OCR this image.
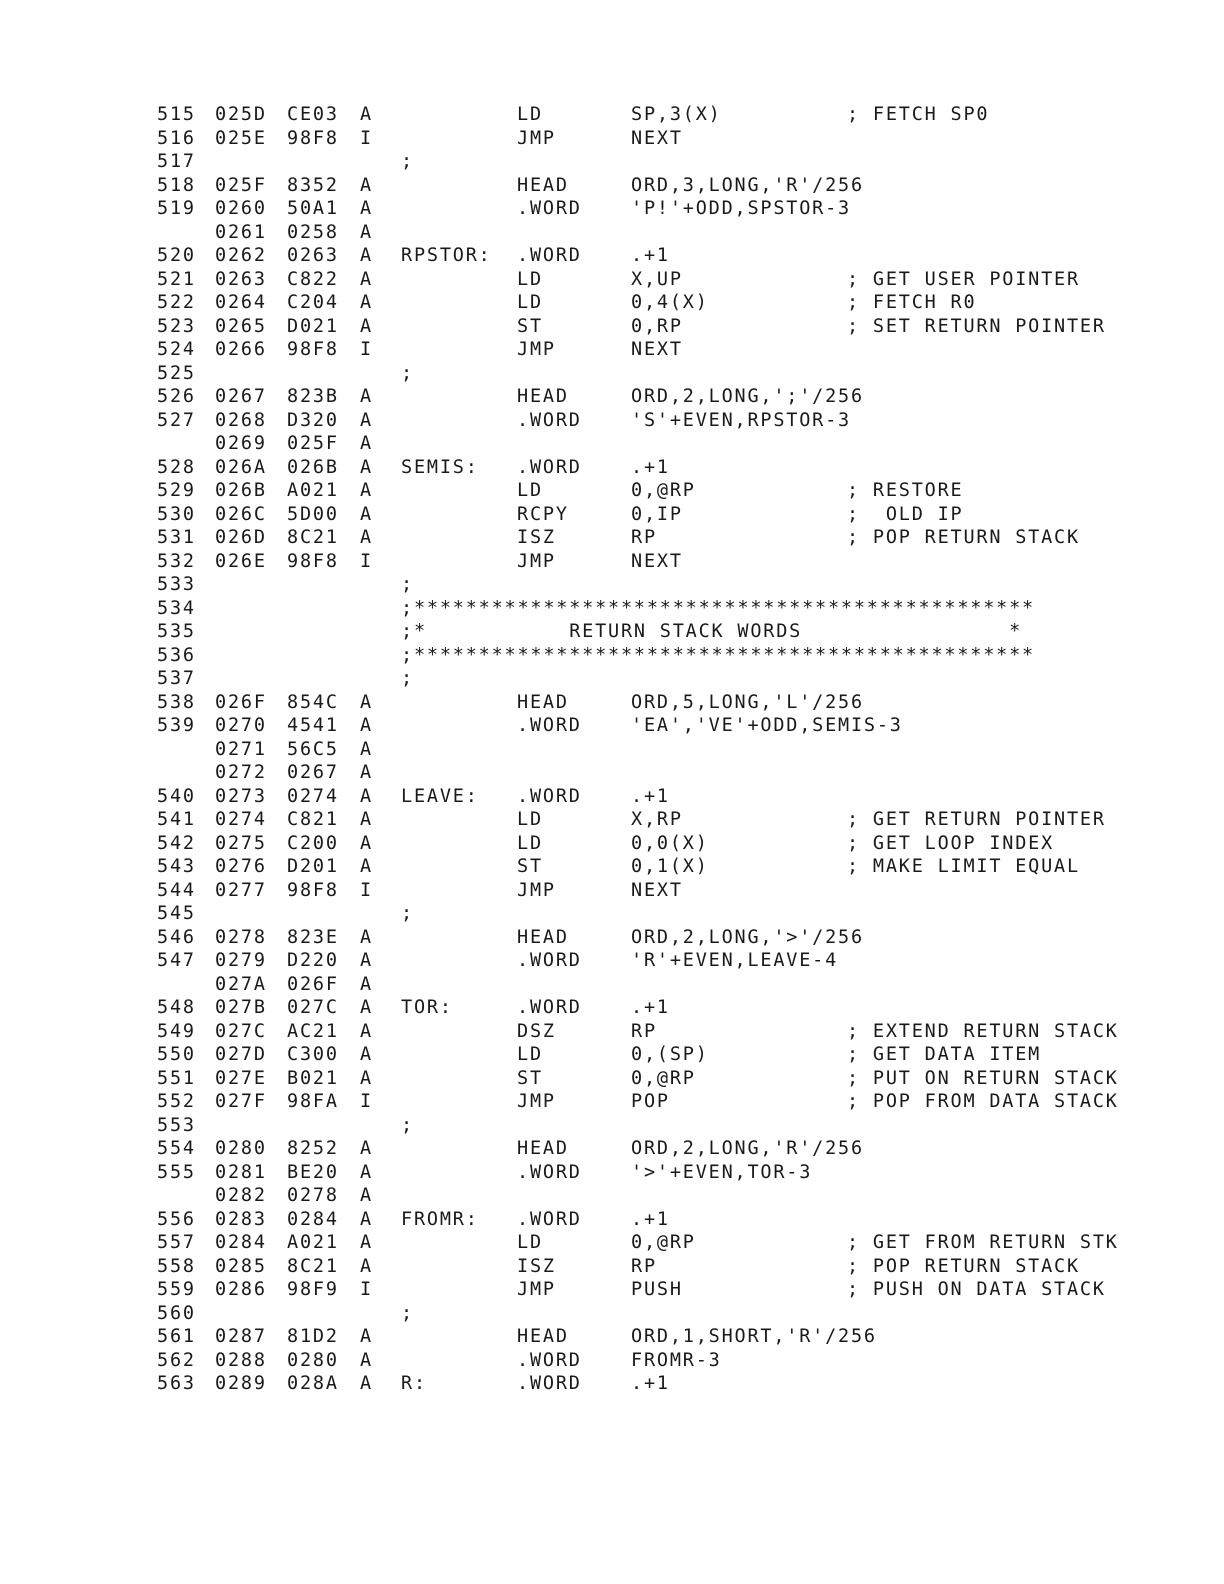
515 025D CE03 A	LD	SP,3(X)	; FETCH SP0
516 025E 98F8 I	JMP	NEXT
517	;
518 025F 8352 A	HEAD	ORD,3,LONG,'R'/256
519 0260 50A1 A	.WORD	'P!'+ODD,SPSTOR-3
0261 0258 A
520 0262 0263 A RPSTOR: .WORD	.+1
521 0263 C822 A	LD	X,UP	; GET USER POINTER
522 0264 C204 A	LD	0,4(X)	; FETCH R0
523 0265 D021 A	ST	0,RP	; SET RETURN POINTER
524 0266 98F8 I	JMP	NEXT
525	;
526 0267 823B A	HEAD	ORD,2,LONG,';'/256
527 0268 D320 A	.WORD	'S'+EVEN,RPSTOR-3
0269 025F A
528 026A 026B A SEMIS: .WORD	.+1
529 026B A021 A	LD	0,@RP	; RESTORE
530 026C 5D00 A	RCPY	0,IP	;  OLD IP
531 026D 8C21 A	ISZ	RP	; POP RETURN STACK
532 026E 98F8 I	JMP	NEXT
533	;
534	;************************************************
535	;*           RETURN STACK WORDS                *
536	;************************************************
537	;
538 026F 854C A	HEAD	ORD,5,LONG,'L'/256
539 0270 4541 A	.WORD	'EA','VE'+ODD,SEMIS-3
0271 56C5 A
0272 0267 A
540 0273 0274 A LEAVE: .WORD	.+1
541 0274 C821 A	LD	X,RP	; GET RETURN POINTER
542 0275 C200 A	LD	0,0(X)	; GET LOOP INDEX
543 0276 D201 A	ST	0,1(X)	; MAKE LIMIT EQUAL
544 0277 98F8 I	JMP	NEXT
545	;
546 0278 823E A	HEAD	ORD,2,LONG,'>'/256
547 0279 D220 A	.WORD	'R'+EVEN,LEAVE-4
027A 026F A
548 027B 027C A TOR:	.WORD	.+1
549 027C AC21 A	DSZ	RP	; EXTEND RETURN STACK
550 027D C300 A	LD	0,(SP)	; GET DATA ITEM
551 027E B021 A	ST	0,@RP	; PUT ON RETURN STACK
552 027F 98FA I	JMP	POP	; POP FROM DATA STACK
553	;
554 0280 8252 A	HEAD	ORD,2,LONG,'R'/256
555 0281 BE20 A	.WORD	'>'+EVEN,TOR-3
0282 0278 A
556 0283 0284 A FROMR: .WORD	.+1
557 0284 A021 A	LD	0,@RP	; GET FROM RETURN STK
558 0285 8C21 A	ISZ	RP	; POP RETURN STACK
559 0286 98F9 I	JMP	PUSH	; PUSH ON DATA STACK
560	;
561 0287 81D2 A	HEAD	ORD,1,SHORT,'R'/256
562 0288 0280 A	.WORD	FROMR-3
563 0289 028A A R:	.WORD	.+1
